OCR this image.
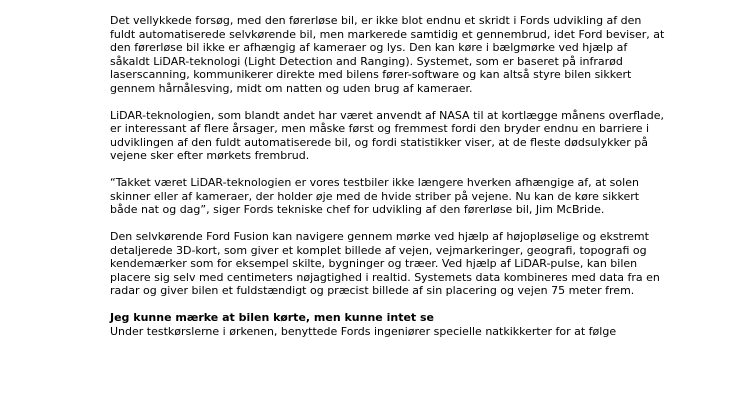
Det vellykkede forsøg, med den førerløse bil, er ikke blot endnu et skridt i Fords udvikling af den fuldt automatiserede selvkørende bil, men markerede samtidig et gennembrud, idet Ford beviser, at den førerløse bil ikke er afhængig af kameraer og lys. Den kan køre i bælgmørke ved hjælp af såkaldt LiDAR-teknologi (Light Detection and Ranging). Systemet, som er baseret på infrarød laserscanning, kommunikerer direkte med bilens fører-software og kan altså styre bilen sikkert gennem hårnålesving, midt om natten og uden brug af kameraer.

LiDAR-teknologien, som blandt andet har været anvendt af NASA til at kortlægge månens overflade, er interessant af flere årsager, men måske først og fremmest fordi den bryder endnu en barriere i udviklingen af den fuldt automatiserede bil, og fordi statistikker viser, at de fleste dødsulykker på vejene sker efter mørkets frembrud.

“Takket været LiDAR-teknologien er vores testbiler ikke længere hverken afhængige af, at solen skinner eller af kameraer, der holder øje med de hvide striber på vejene. Nu kan de køre sikkert både nat og dag”, siger Fords tekniske chef for udvikling af den førerløse bil, Jim McBride.

Den selvkørende Ford Fusion kan navigere gennem mørke ved hjælp af højopløselige og ekstremt detaljerede 3D-kort, som giver et komplet billede af vejen, vejmarkeringer, geografi, topografi og kendemærker som for eksempel skilte, bygninger og træer. Ved hjælp af LiDAR-pulse, kan bilen placere sig selv med centimeters nøjagtighed i realtid. Systemets data kombineres med data fra en radar og giver bilen et fuldstændigt og præcist billede af sin placering og vejen 75 meter frem.

Jeg kunne mærke at bilen kørte, men kunne intet se

Under testkørslerne i ørkenen, benyttede Fords ingeniører specielle natkikkerter for at følge
